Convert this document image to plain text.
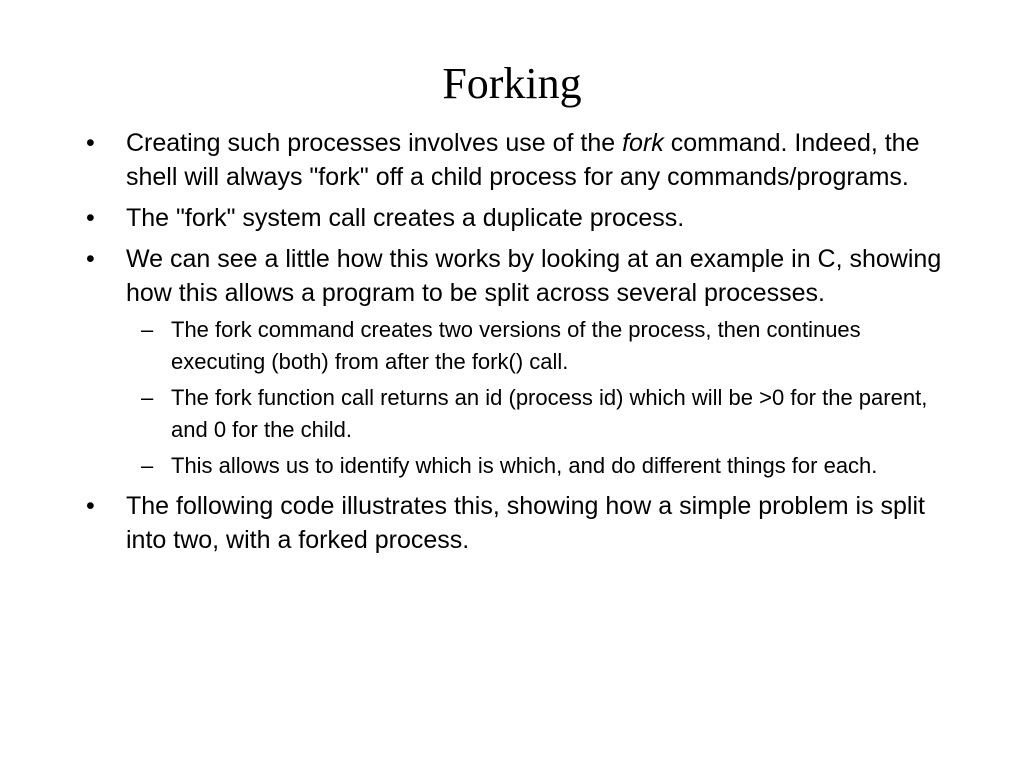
Forking
•	Creating such processes involves use of the fork command. Indeed, the shell will always "fork" off a child process for any commands/programs.
•	The "fork" system call creates a duplicate process.
•	We can see a little how this works by looking at an example in C, showing how this allows a program to be split across several processes.
– The fork command creates two versions of the process, then continues executing (both) from after the fork() call.
– The fork function call returns an id (process id) which will be >0 for the parent, and 0 for the child.
– This allows us to identify which is which, and do different things for each.
•	The following code illustrates this, showing how a simple problem is split into two, with a forked process.
